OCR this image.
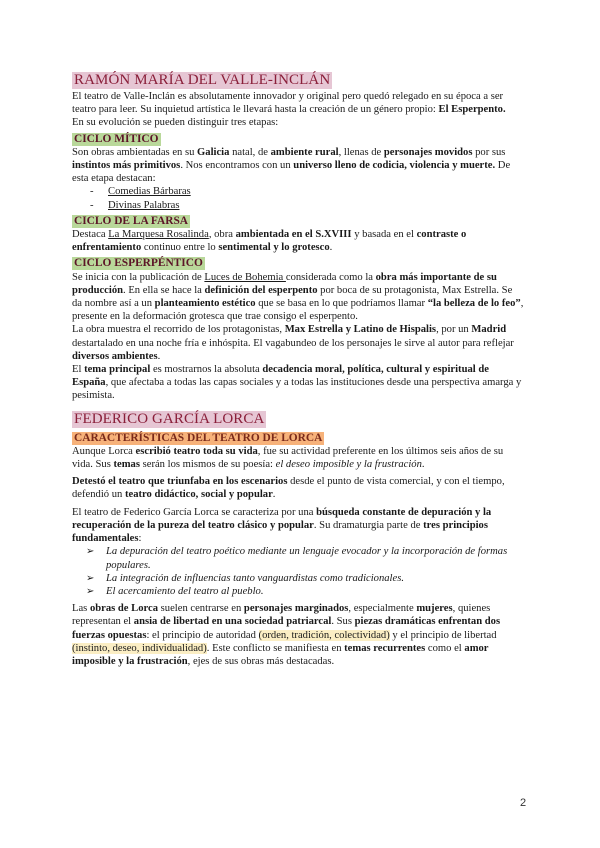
RAMÓN MARÍA DEL VALLE-INCLÁN

El teatro de Valle-Inclán es absolutamente innovador y original pero quedó relegado en su época a ser teatro para leer. Su inquietud artística le llevará hasta la creación de un género propio: El Esperpento.

En su evolución se pueden distinguir tres etapas:

CICLO MÍTICO

Son obras ambientadas en su Galicia natal, de ambiente rural, llenas de personajes movidos por sus instintos más primitivos. Nos encontramos con un universo lleno de codicia, violencia y muerte. De esta etapa destacan:

- Comedias Bárbaras
- Divinas Palabras
CICLO DE LA FARSA

Destaca La Marquesa Rosalinda, obra ambientada en el S.XVIII y basada en el contraste o enfrentamiento continuo entre lo sentimental y lo grotesco.

CICLO ESPERPÉNTICO

Se inicia con la publicación de Luces de Bohemia considerada como la obra más importante de su producción. En ella se hace la definición del esperpento por boca de su protagonista, Max Estrella. Se da nombre así a un planteamiento estético que se basa en lo que podríamos llamar “la belleza de lo feo”, presente en la deformación grotesca que trae consigo el esperpento.

La obra muestra el recorrido de los protagonistas, Max Estrella y Latino de Hispalis, por un Madrid destartalado en una noche fría e inhóspita. El vagabundeo de los personajes le sirve al autor para reflejar diversos ambientes.

El tema principal es mostrarnos la absoluta decadencia moral, política, cultural y espiritual de España, que afectaba a todas las capas sociales y a todas las instituciones desde una perspectiva amarga y pesimista.

FEDERICO GARCÍA LORCA
CARACTERÍSTICAS DEL TEATRO DE LORCA

Aunque Lorca escribió teatro toda su vida, fue su actividad preferente en los últimos seis años de su vida. Sus temas serán los mismos de su poesía: el deseo imposible y la frustración.

Detestó el teatro que triunfaba en los escenarios desde el punto de vista comercial, y con el tiempo, defendió un teatro didáctico, social y popular.

El teatro de Federico García Lorca se caracteriza por una búsqueda constante de depuración y la recuperación de la pureza del teatro clásico y popular. Su dramaturgia parte de tres principios fundamentales:

➢ La depuración del teatro poético mediante un lenguaje evocador y la incorporación de formas populares.
➢ La integración de influencias tanto vanguardistas como tradicionales.
➢ El acercamiento del teatro al pueblo.

Las obras de Lorca suelen centrarse en personajes marginados, especialmente mujeres, quienes representan el ansia de libertad en una sociedad patriarcal. Sus piezas dramáticas enfrentan dos fuerzas opuestas: el principio de autoridad (orden, tradición, colectividad) y el principio de libertad (instinto, deseo, individualidad). Este conflicto se manifiesta en temas recurrentes como el amor imposible y la frustración, ejes de sus obras más destacadas.

2
